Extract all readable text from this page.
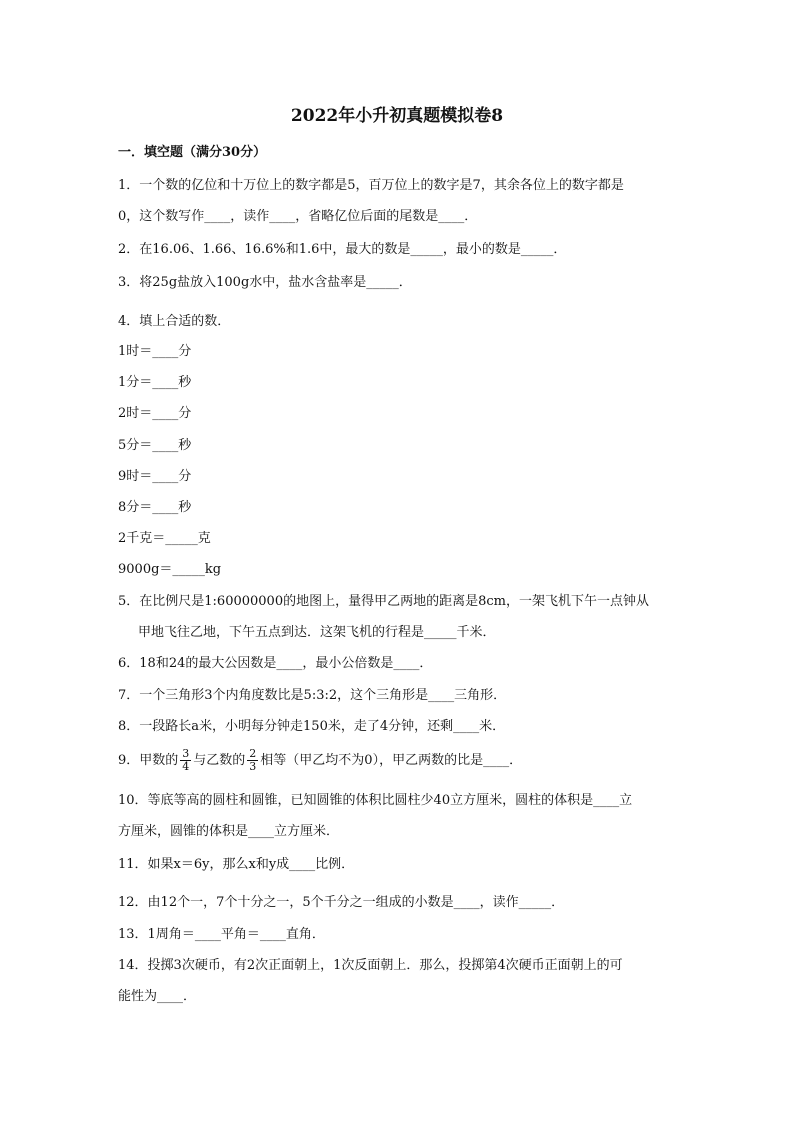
2022年小升初真题模拟卷8
一．填空题（满分30分）
1．一个数的亿位和十万位上的数字都是5，百万位上的数字是7，其余各位上的数字都是
0，这个数写作____，读作____，省略亿位后面的尾数是____．
2．在16.06、1.66、16.6%和1.6中，最大的数是_____，最小的数是_____．
3．将25g盐放入100g水中，盐水含盐率是_____．
4．填上合适的数．
1时＝____分
1分＝____秒
2时＝____分
5分＝____秒
9时＝____分
8分＝____秒
2千克＝_____克
9000g＝_____kg
5．在比例尺是1:60000000的地图上，量得甲乙两地的距离是8cm，一架飞机下午一点钟从
甲地飞往乙地，下午五点到达．这架飞机的行程是_____千米．
6．18和24的最大公因数是____，最小公倍数是____．
7．一个三角形3个内角度数比是5:3:2，这个三角形是____三角形．
8．一段路长a米，小明每分钟走150米，走了4分钟，还剩____米．
9．甲数的 $\frac{3}{4}$ 与乙数的 $\frac{2}{3}$ 相等（甲乙均不为0），甲乙两数的比是____．
10．等底等高的圆柱和圆锥，已知圆锥的体积比圆柱少40立方厘米，圆柱的体积是____立
方厘米，圆锥的体积是____立方厘米．
11．如果x＝6y，那么x和y成____比例．
12．由12个一，7个十分之一，5个千分之一组成的小数是____，读作_____．
13．1周角＝____平角＝____直角．
14．投掷3次硬币，有2次正面朝上，1次反面朝上．那么，投掷第4次硬币正面朝上的可
能性为____．
